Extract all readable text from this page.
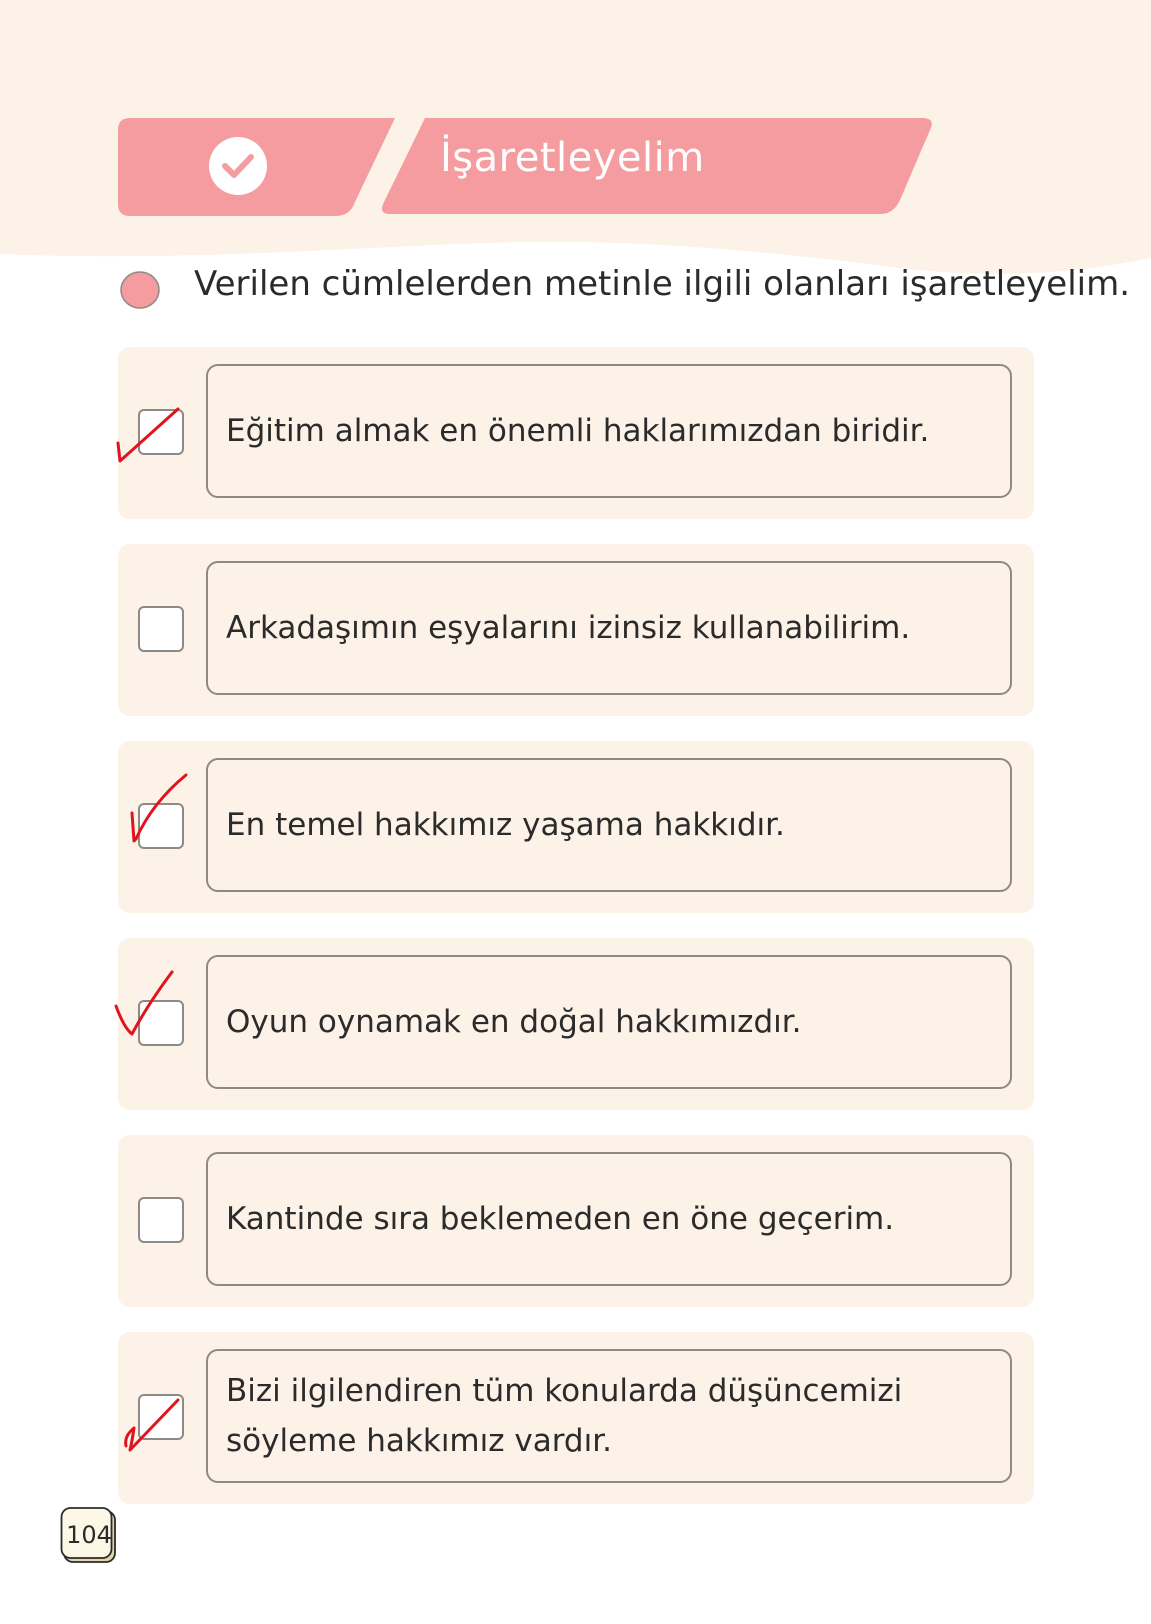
İşaretleyelim
Verilen cümlelerden metinle ilgili olanları işaretleyelim.
Eğitim almak en önemli haklarımızdan biridir.
Arkadaşımın eşyalarını izinsiz kullanabilirim.
En temel hakkımız yaşama hakkıdır.
Oyun oynamak en doğal hakkımızdır.
Kantinde sıra beklemeden en öne geçerim.
Bizi ilgilendiren tüm konularda düşüncemizi söyleme hakkımız vardır.
104
